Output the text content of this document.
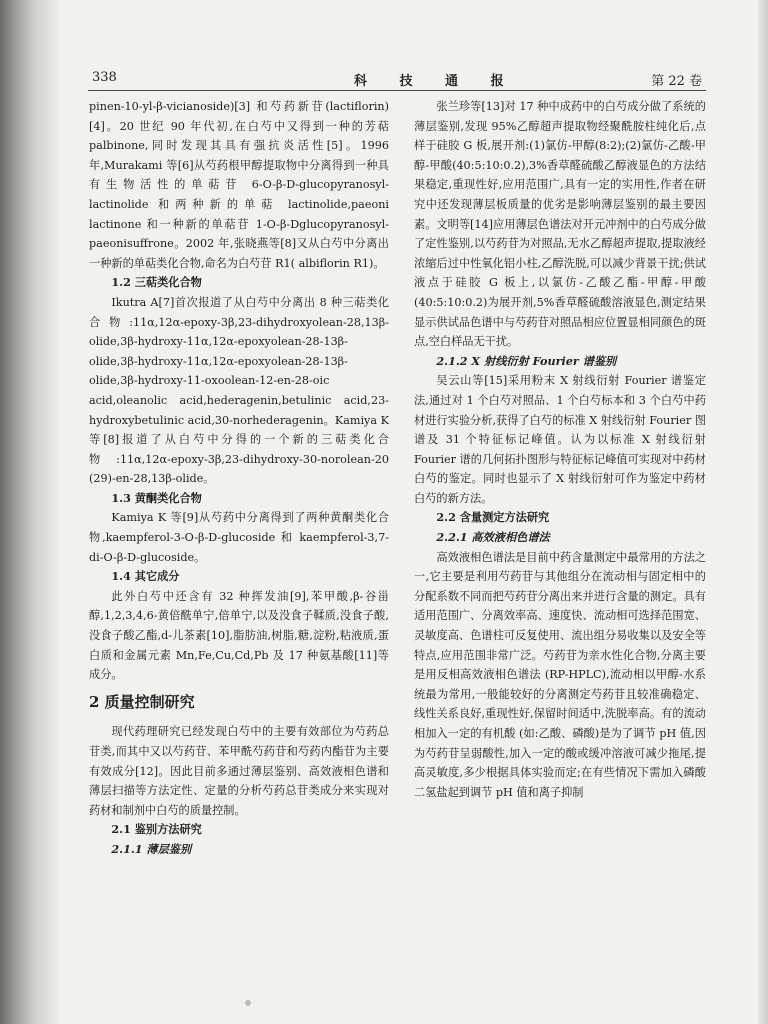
338	科 技 通 报	第 22 卷

pinen-10-yl-β-vicianoside)[3] 和芍药新苷(lactiflorin)[4]。20 世纪 90 年代初,在白芍中又得到一种的芳萜 palbinone,同时发现其具有强抗炎活性[5]。1996 年,Murakami 等[6]从芍药根甲醇提取物中分离得到一种具有生物活性的单萜苷 6-O-β-D-glucopyranosyl-lactinolide 和两种新的单萜 lactinolide,paeoni lactinone 和一种新的单萜苷 1-O-β-Dglucopyranosyl-paeonisuffrone。2002 年,张晓燕等[8]又从白芍中分离出一种新的单萜类化合物,命名为白芍苷 R1( albiflorin R1)。

1.2 三萜类化合物

Ikutra A[7]首次报道了从白芍中分离出 8 种三萜类化合物:11α,12α-epoxy-3β,23-dihydroxyolean-28,13β-olide,3β-hydroxy-11α,12α-epoxyolean-28-13β-olide,3β-hydroxy-11α,12α-epoxyolean-28-13β-olide,3β-hydroxy-11-oxoolean-12-en-28-oic acid,oleanolic acid,hederagenin,betulinic acid,23-hydroxybetulinic acid,30-norhederagenin。Kamiya K 等[8]报道了从白芍中分得的一个新的三萜类化合物:11α,12α-epoxy-3β,23-dihydroxy-30-norolean-20 (29)-en-28,13β-olide。

1.3 黄酮类化合物

Kamiya K 等[9]从芍药中分离得到了两种黄酮类化合物,kaempferol-3-O-β-D-glucoside 和 kaempferol-3,7-di-O-β-D-glucoside。

1.4 其它成分

此外白芍中还含有 32 种挥发油[9],苯甲酸,β-谷甾醇,1,2,3,4,6-黄倍酰单宁,倍单宁,以及没食子鞣质,没食子酸,没食子酸乙酯,d-儿茶素[10],脂肪油,树脂,糖,淀粉,粘液质,蛋白质和金属元素 Mn,Fe,Cu,Cd,Pb 及 17 种氨基酸[11]等成分。

2 质量控制研究

现代药理研究已经发现白芍中的主要有效部位为芍药总苷类,而其中又以芍药苷、苯甲酰芍药苷和芍药内酯苷为主要有效成分[12]。因此目前多通过薄层鉴别、高效液相色谱和薄层扫描等方法定性、定量的分析芍药总苷类成分来实现对药材和制剂中白芍的质量控制。

2.1 鉴别方法研究

2.1.1 薄层鉴别

张兰珍等[13]对 17 种中成药中的白芍成分做了系统的薄层鉴别,发现 95%乙醇超声提取物经聚酰胺柱纯化后,点样于硅胶 G 板,展开剂:(1)氯仿-甲醇(8:2);(2)氯仿-乙酸-甲醇-甲酸(40:5:10:0.2),3%香草醛硫酸乙醇液显色的方法结果稳定,重现性好,应用范围广,具有一定的实用性,作者在研究中还发现薄层板质量的优劣是影响薄层鉴别的最主要因素。文明等[14]应用薄层色谱法对开元冲剂中的白芍成分做了定性鉴别,以芍药苷为对照品,无水乙醇超声提取,提取液经浓缩后过中性氧化铝小柱,乙醇洗脱,可以减少背景干扰;供试液点于硅胶 G 板上,以氯仿-乙酸乙酯-甲醇-甲酸(40:5:10:0.2)为展开剂,5%香草醛硫酸溶液显色,测定结果显示供试品色谱中与芍药苷对照品相应位置显相同颜色的斑点,空白样品无干扰。

2.1.2 X 射线衍射 Fourier 谱鉴别

吴云山等[15]采用粉末 X 射线衍射 Fourier 谱鉴定法,通过对 1 个白芍对照品、1 个白芍标本和 3 个白芍中药材进行实验分析,获得了白芍的标准 X 射线衍射 Fourier 图谱及 31 个特征标记峰值。认为以标准 X 射线衍射 Fourier 谱的几何拓扑图形与特征标记峰值可实现对中药材白芍的鉴定。同时也显示了 X 射线衍射可作为鉴定中药材白芍的新方法。

2.2 含量测定方法研究

2.2.1 高效液相色谱法

高效液相色谱法是目前中药含量测定中最常用的方法之一,它主要是利用芍药苷与其他组分在流动相与固定相中的分配系数不同而把芍药苷分离出来并进行含量的测定。具有适用范围广、分离效率高、速度快、流动相可选择范围宽、灵敏度高、色谱柱可反复使用、流出组分易收集以及安全等特点,应用范围非常广泛。芍药苷为亲水性化合物,分离主要是用反相高效液相色谱法 (RP-HPLC),流动相以甲醇-水系统最为常用,一般能较好的分离测定芍药苷且较准确稳定、线性关系良好,重现性好,保留时间适中,洗脱率高。有的流动相加入一定的有机酸 (如:乙酸、磷酸)是为了调节 pH 值,因为芍药苷呈弱酸性,加入一定的酸或缓冲溶液可减少拖尾,提高灵敏度,多少根据具体实验而定;在有些情况下需加入磷酸二氢盐起到调节 pH 值和离子抑制
